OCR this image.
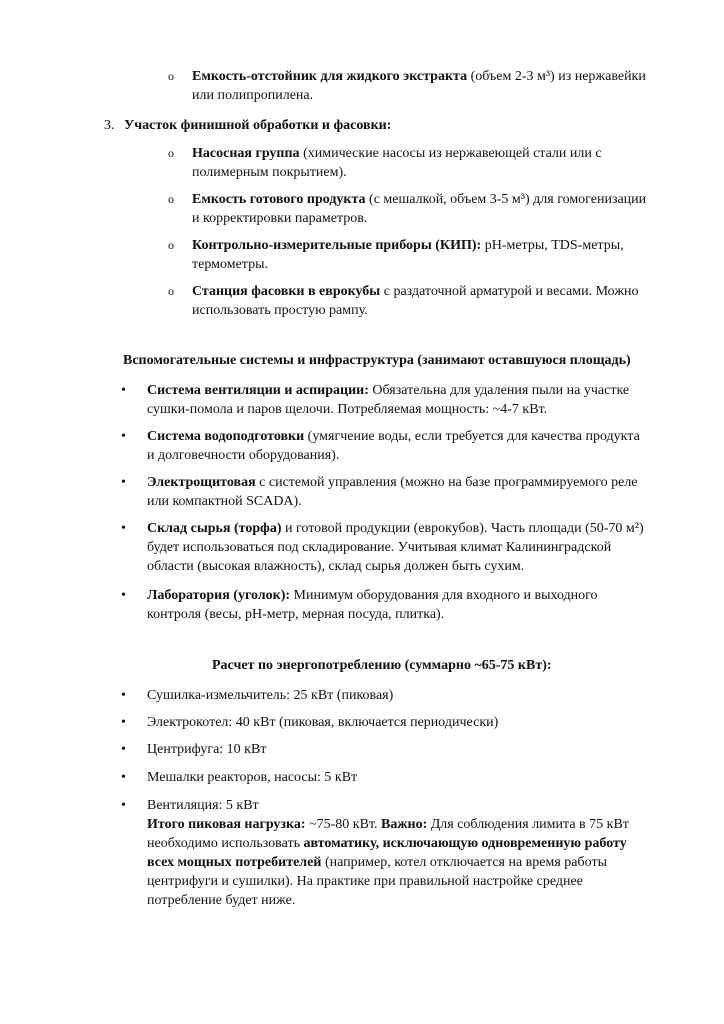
o Емкость-отстойник для жидкого экстракта (объем 2-3 м³) из нержавейки
или полипропилена.
3. Участок финишной обработки и фасовки:
o Насосная группа (химические насосы из нержавеющей стали или с
полимерным покрытием).
o Емкость готового продукта (с мешалкой, объем 3-5 м³) для гомогенизации
и корректировки параметров.
o Контрольно-измерительные приборы (КИП): pH-метры, TDS-метры,
термометры.
o Станция фасовки в еврокубы с раздаточной арматурой и весами. Можно
использовать простую рампу.
Вспомогательные системы и инфраструктура (занимают оставшуюся площадь)
• Система вентиляции и аспирации: Обязательна для удаления пыли на участке
сушки-помола и паров щелочи. Потребляемая мощность: ~4-7 кВт.
• Система водоподготовки (умягчение воды, если требуется для качества продукта
и долговечности оборудования).
• Электрощитовая с системой управления (можно на базе программируемого реле
или компактной SCADA).
• Склад сырья (торфа) и готовой продукции (еврокубов). Часть площади (50-70 м²)
будет использоваться под складирование. Учитывая климат Калининградской
области (высокая влажность), склад сырья должен быть сухим.
• Лаборатория (уголок): Минимум оборудования для входного и выходного
контроля (весы, pH-метр, мерная посуда, плитка).
Расчет по энергопотреблению (суммарно ~65-75 кВт):
• Сушилка-измельчитель: 25 кВт (пиковая)
• Электрокотел: 40 кВт (пиковая, включается периодически)
• Центрифуга: 10 кВт
• Мешалки реакторов, насосы: 5 кВт
• Вентиляция: 5 кВт
Итого пиковая нагрузка: ~75-80 кВт. Важно: Для соблюдения лимита в 75 кВт
необходимо использовать автоматику, исключающую одновременную работу
всех мощных потребителей (например, котел отключается на время работы
центрифуги и сушилки). На практике при правильной настройке среднее
потребление будет ниже.
